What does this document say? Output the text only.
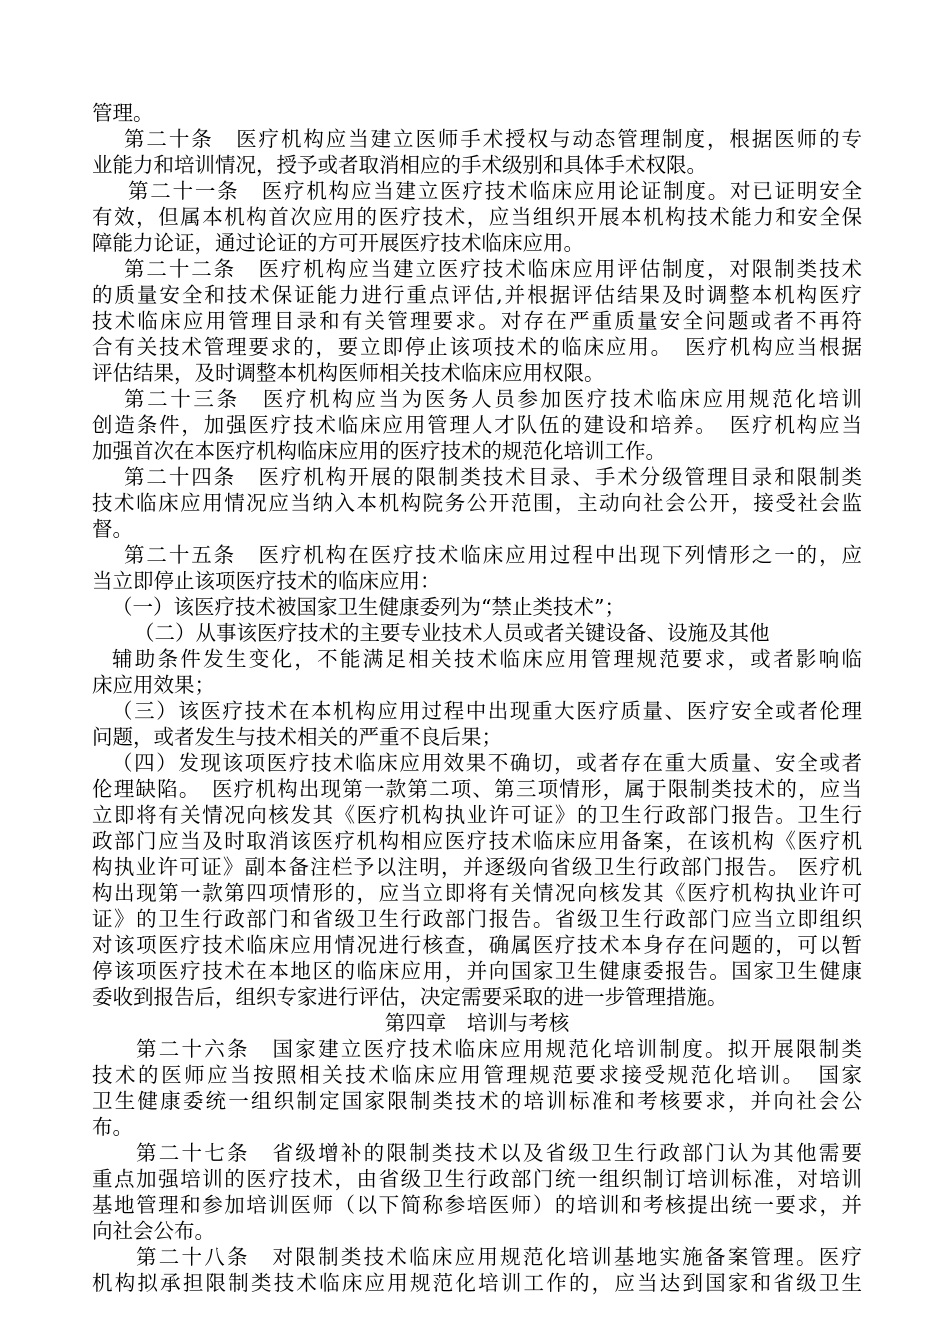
管理。
第二十条　医疗机构应当建立医师手术授权与动态管理制度，根据医师的专
业能力和培训情况，授予或者取消相应的手术级别和具体手术权限。
第二十一条　医疗机构应当建立医疗技术临床应用论证制度。对已证明安全
有效，但属本机构首次应用的医疗技术，应当组织开展本机构技术能力和安全保
障能力论证，通过论证的方可开展医疗技术临床应用。
第二十二条　医疗机构应当建立医疗技术临床应用评估制度，对限制类技术
的质量安全和技术保证能力进行重点评估,并根据评估结果及时调整本机构医疗
技术临床应用管理目录和有关管理要求。对存在严重质量安全问题或者不再符
合有关技术管理要求的，要立即停止该项技术的临床应用。　医疗机构应当根据
评估结果，及时调整本机构医师相关技术临床应用权限。
第二十三条　医疗机构应当为医务人员参加医疗技术临床应用规范化培训
创造条件，加强医疗技术临床应用管理人才队伍的建设和培养。　医疗机构应当
加强首次在本医疗机构临床应用的医疗技术的规范化培训工作。
第二十四条　医疗机构开展的限制类技术目录、手术分级管理目录和限制类
技术临床应用情况应当纳入本机构院务公开范围，主动向社会公开，接受社会监
督。
第二十五条　医疗机构在医疗技术临床应用过程中出现下列情形之一的，应
当立即停止该项医疗技术的临床应用：
（一）该医疗技术被国家卫生健康委列为“禁止类技术”；
（二）从事该医疗技术的主要专业技术人员或者关键设备、设施及其他
辅助条件发生变化，不能满足相关技术临床应用管理规范要求，或者影响临
床应用效果；
（三）该医疗技术在本机构应用过程中出现重大医疗质量、医疗安全或者伦理
问题，或者发生与技术相关的严重不良后果；
（四）发现该项医疗技术临床应用效果不确切，或者存在重大质量、安全或者
伦理缺陷。　医疗机构出现第一款第二项、第三项情形，属于限制类技术的，应当
立即将有关情况向核发其《医疗机构执业许可证》的卫生行政部门报告。卫生行
政部门应当及时取消该医疗机构相应医疗技术临床应用备案，在该机构《医疗机
构执业许可证》副本备注栏予以注明，并逐级向省级卫生行政部门报告。 医疗机
构出现第一款第四项情形的，应当立即将有关情况向核发其《医疗机构执业许可
证》的卫生行政部门和省级卫生行政部门报告。省级卫生行政部门应当立即组织
对该项医疗技术临床应用情况进行核查，确属医疗技术本身存在问题的，可以暂
停该项医疗技术在本地区的临床应用，并向国家卫生健康委报告。国家卫生健康
委收到报告后，组织专家进行评估，决定需要采取的进一步管理措施。
第四章　培训与考核
第二十六条　国家建立医疗技术临床应用规范化培训制度。拟开展限制类
技术的医师应当按照相关技术临床应用管理规范要求接受规范化培训。　国家
卫生健康委统一组织制定国家限制类技术的培训标准和考核要求，并向社会公
布。
第二十七条　省级增补的限制类技术以及省级卫生行政部门认为其他需要
重点加强培训的医疗技术，由省级卫生行政部门统一组织制订培训标准，对培训
基地管理和参加培训医师（以下简称参培医师）的培训和考核提出统一要求，并
向社会公布。
第二十八条　对限制类技术临床应用规范化培训基地实施备案管理。医疗
机构拟承担限制类技术临床应用规范化培训工作的，应当达到国家和省级卫生
